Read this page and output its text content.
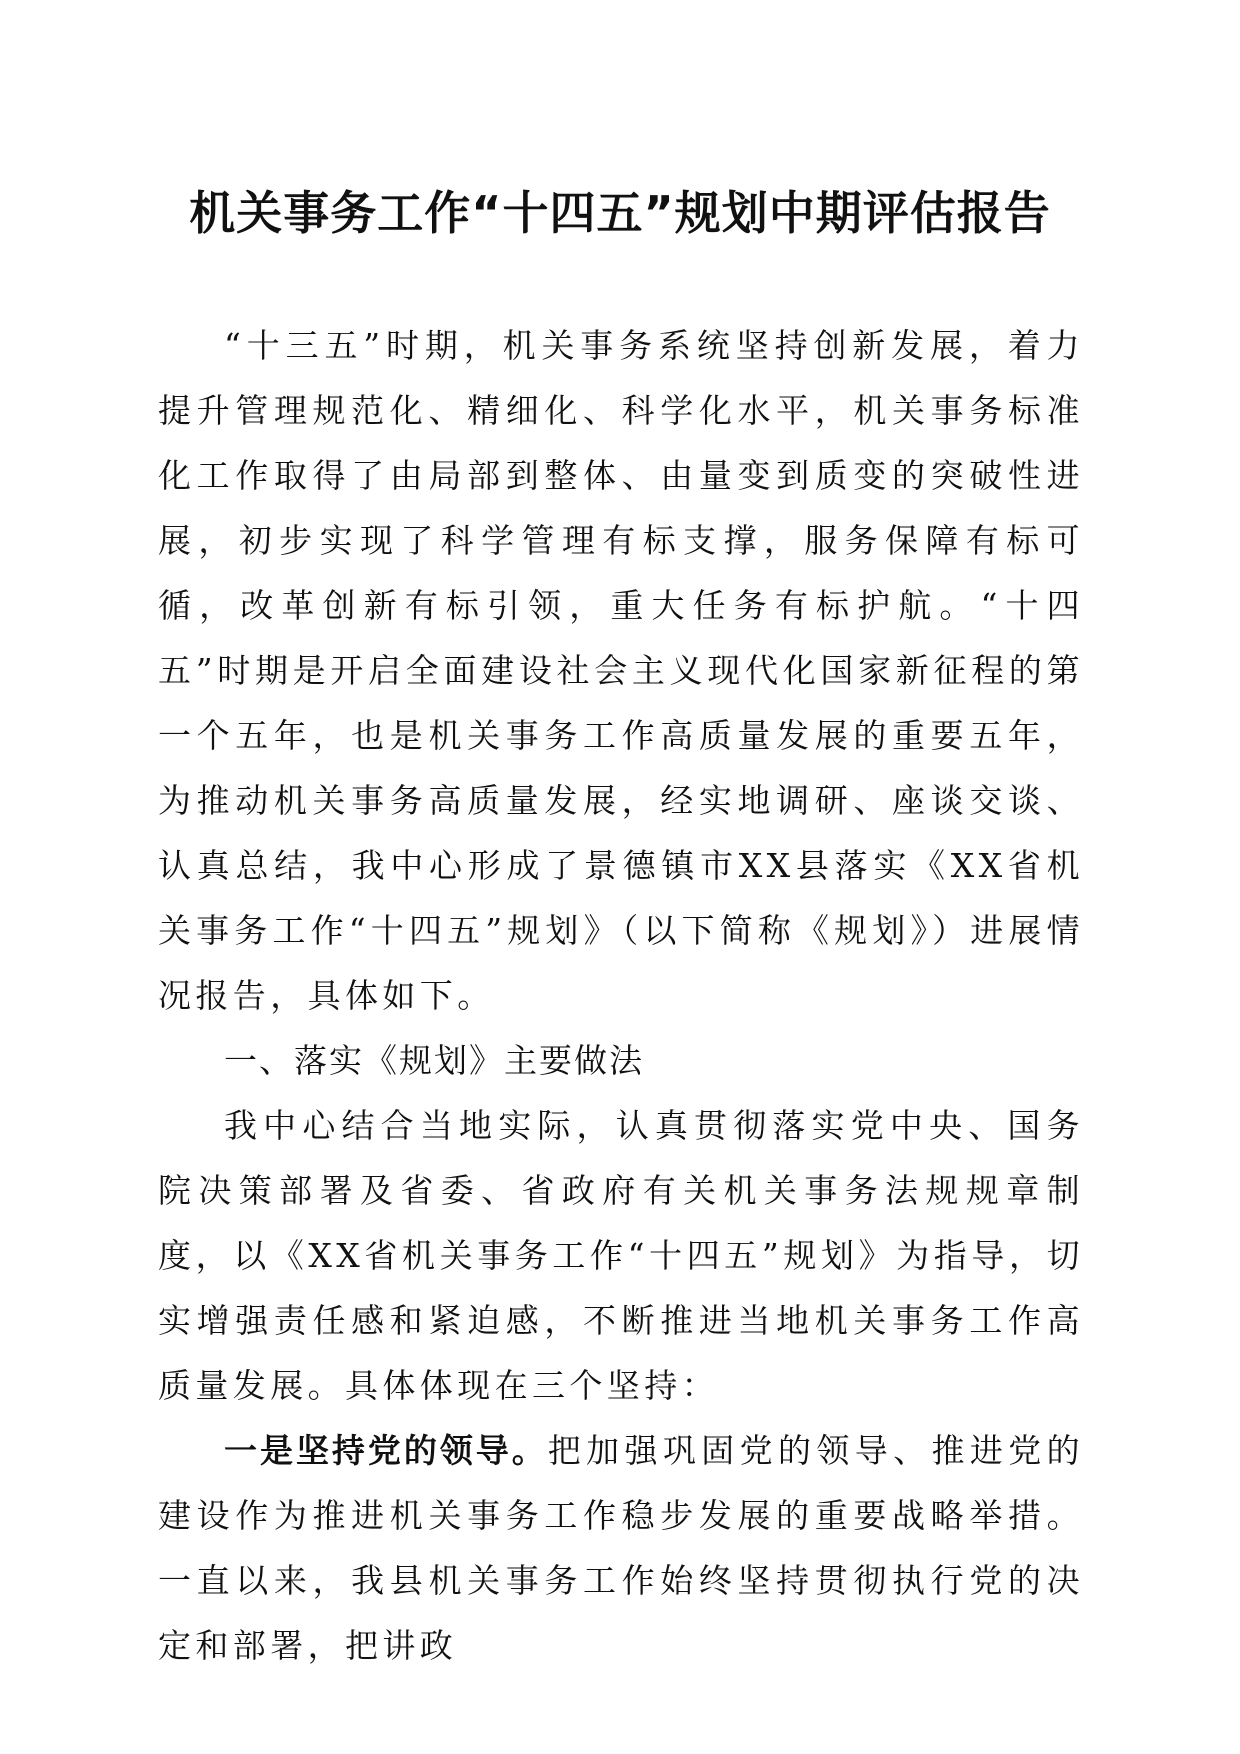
机关事务工作“十四五”规划中期评估报告

“十三五”时期，机关事务系统坚持创新发展，着力提升管理规范化、精细化、科学化水平，机关事务标准化工作取得了由局部到整体、由量变到质变的突破性进展，初步实现了科学管理有标支撑，服务保障有标可循，改革创新有标引领，重大任务有标护航。“十四五”时期是开启全面建设社会主义现代化国家新征程的第一个五年，也是机关事务工作高质量发展的重要五年，为推动机关事务高质量发展，经实地调研、座谈交谈、认真总结，我中心形成了景德镇市XX县落实《XX省机关事务工作“十四五”规划》（以下简称《规划》）进展情况报告，具体如下。

一、落实《规划》主要做法

我中心结合当地实际，认真贯彻落实党中央、国务院决策部署及省委、省政府有关机关事务法规规章制度，以《XX省机关事务工作“十四五”规划》为指导，切实增强责任感和紧迫感，不断推进当地机关事务工作高质量发展。具体体现在三个坚持：

一是坚持党的领导。把加强巩固党的领导、推进党的建设作为推进机关事务工作稳步发展的重要战略举措。一直以来，我县机关事务工作始终坚持贯彻执行党的决定和部署，把讲政
